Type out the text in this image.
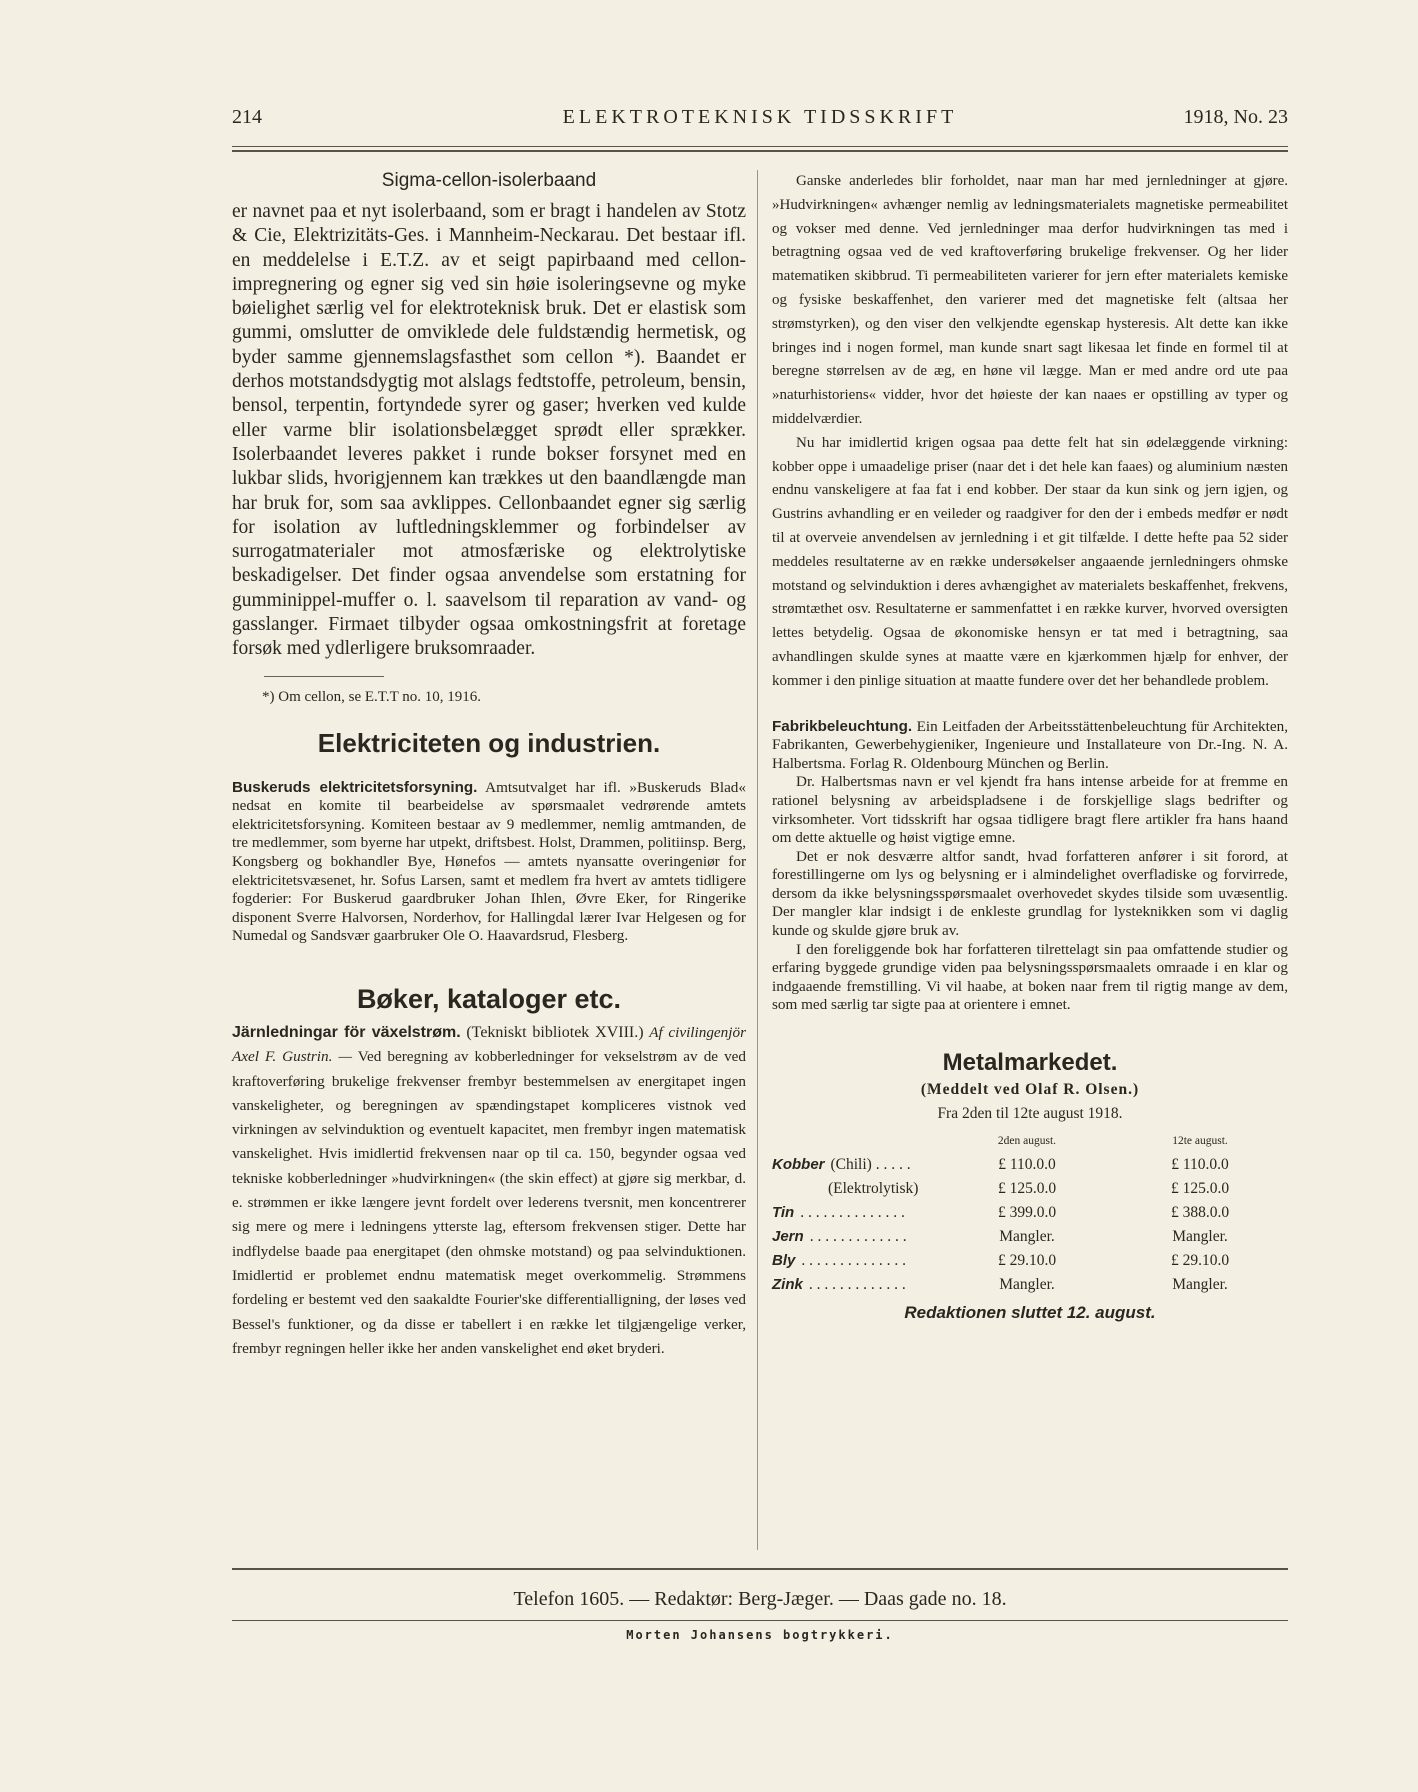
214	ELEKTROTEKNISK TIDSSKRIFT	1918, No. 23
Sigma-cellon-isolerbaand

er navnet paa et nyt isolerbaand, som er bragt i handelen av Stotz & Cie, Elektrizitäts-Ges. i Mannheim-Neckarau. Det bestaar ifl. en meddelelse i E.T.Z. av et seigt papirbaand med cellon-impregnering og egner sig ved sin høie isoleringsevne og myke bøielighet særlig vel for elektroteknisk bruk. Det er elastisk som gummi, omslutter de omviklede dele fuldstændig hermetisk, og byder samme gjennemslagsfasthet som cellon *). Baandet er derhos motstandsdygtig mot alslags fedtstoffe, petroleum, bensin, bensol, terpentin, fortyndede syrer og gaser; hverken ved kulde eller varme blir isolationsbelægget sprødt eller sprækker. Isolerbaandet leveres pakket i runde bokser forsynet med en lukbar slids, hvorigjennem kan trækkes ut den baandlængde man har bruk for, som saa avklippes. Cellonbaandet egner sig særlig for isolation av luftledningsklemmer og forbindelser av surrogatmaterialer mot atmosfæriske og elektrolytiske beskadigelser. Det finder ogsaa anvendelse som erstatning for gumminippel-muffer o. l. saavelsom til reparation av vand- og gasslanger. Firmaet tilbyder ogsaa omkostningsfrit at foretage forsøk med ydlerligere bruksomraader.

*) Om cellon, se E.T.T no. 10, 1916.

Elektriciteten og industrien.

Buskeruds elektricitetsforsyning. Amtsutvalget har ifl. »Buskeruds Blad« nedsat en komite til bearbeidelse av spørsmaalet vedrørende amtets elektricitetsforsyning. Komiteen bestaar av 9 medlemmer, nemlig amtmanden, de tre medlemmer, som byerne har utpekt, driftsbest. Holst, Drammen, politiinsp. Berg, Kongsberg og bokhandler Bye, Hønefos — amtets nyansatte overingeniør for elektricitetsvæsenet, hr. Sofus Larsen, samt et medlem fra hvert av amtets tidligere fogderier: For Buskerud gaardbruker Johan Ihlen, Øvre Eker, for Ringerike disponent Sverre Halvorsen, Norderhov, for Hallingdal lærer Ivar Helgesen og for Numedal og Sandsvær gaarbruker Ole O. Haavardsrud, Flesberg.

Bøker, kataloger etc.

Järnledningar för växelstrøm. (Tekniskt bibliotek XVIII.) Af civilingenjör Axel F. Gustrin. — Ved beregning av kobberledninger for vekselstrøm av de ved kraftoverføring brukelige frekvenser frembyr bestemmelsen av energitapet ingen vanskeligheter, og beregningen av spændingstapet kompliceres vistnok ved virkningen av selvinduktion og eventuelt kapacitet, men frembyr ingen matematisk vanskelighet. Hvis imidlertid frekvensen naar op til ca. 150, begynder ogsaa ved tekniske kobberledninger »hudvirkningen« (the skin effect) at gjøre sig merkbar, d. e. strømmen er ikke længere jevnt fordelt over lederens tversnit, men koncentrerer sig mere og mere i ledningens ytterste lag, eftersom frekvensen stiger. Dette har indflydelse baade paa energitapet (den ohmske motstand) og paa selvinduktionen. Imidlertid er problemet endnu matematisk meget overkommelig. Strømmens fordeling er bestemt ved den saakaldte Fourier'ske differentialligning, der løses ved Bessel's funktioner, og da disse er tabellert i en række let tilgjængelige verker, frembyr regningen heller ikke her anden vanskelighet end øket bryderi.

Ganske anderledes blir forholdet, naar man har med jernledninger at gjøre. »Hudvirkningen« avhænger nemlig av ledningsmaterialets magnetiske permeabilitet og vokser med denne. Ved jernledninger maa derfor hudvirkningen tas med i betragtning ogsaa ved de ved kraftoverføring brukelige frekvenser. Og her lider matematiken skibbrud. Ti permeabiliteten varierer for jern efter materialets kemiske og fysiske beskaffenhet, den varierer med det magnetiske felt (altsaa her strømstyrken), og den viser den velkjendte egenskap hysteresis. Alt dette kan ikke bringes ind i nogen formel, man kunde snart sagt likesaa let finde en formel til at beregne størrelsen av de æg, en høne vil lægge. Man er med andre ord ute paa »naturhistoriens« vidder, hvor det høieste der kan naaes er opstilling av typer og middelværdier.

Nu har imidlertid krigen ogsaa paa dette felt hat sin ødelæggende virkning: kobber oppe i umaadelige priser (naar det i det hele kan faaes) og aluminium næsten endnu vanskeligere at faa fat i end kobber. Der staar da kun sink og jern igjen, og Gustrins avhandling er en veileder og raadgiver for den der i embeds medfør er nødt til at overveie anvendelsen av jernledning i et git tilfælde. I dette hefte paa 52 sider meddeles resultaterne av en række undersøkelser angaaende jernledningers ohmske motstand og selvinduktion i deres avhængighet av materialets beskaffenhet, frekvens, strømtæthet osv. Resultaterne er sammenfattet i en række kurver, hvorved oversigten lettes betydelig. Ogsaa de økonomiske hensyn er tat med i betragtning, saa avhandlingen skulde synes at maatte være en kjærkommen hjælp for enhver, der kommer i den pinlige situation at maatte fundere over det her behandlede problem.

Fabrikbeleuchtung. Ein Leitfaden der Arbeitsstättenbeleuchtung für Architekten, Fabrikanten, Gewerbehygieniker, Ingenieure und Installateure von Dr.-Ing. N. A. Halbertsma. Forlag R. Oldenbourg München og Berlin.

Dr. Halbertsmas navn er vel kjendt fra hans intense arbeide for at fremme en rationel belysning av arbeidspladsene i de forskjellige slags bedrifter og virksomheter. Vort tidsskrift har ogsaa tidligere bragt flere artikler fra hans haand om dette aktuelle og høist vigtige emne.

Det er nok desværre altfor sandt, hvad forfatteren anfører i sit forord, at forestillingerne om lys og belysning er i almindelighet overfladiske og forvirrede, dersom da ikke belysningsspørsmaalet overhovedet skydes tilside som uvæsentlig. Der mangler klar indsigt i de enkleste grundlag for lysteknikken som vi daglig kunde og skulde gjøre bruk av.

I den foreliggende bok har forfatteren tilrettelagt sin paa omfattende studier og erfaring byggede grundige viden paa belysningsspørsmaalets omraade i en klar og indgaaende fremstilling. Vi vil haabe, at boken naar frem til rigtig mange av dem, som med særlig tar sigte paa at orientere i emnet.

Metalmarkedet.
(Meddelt ved Olaf R. Olsen.)
Fra 2den til 12te august 1918.
	2den august.	12te august.
Kobber (Chili) . . . . .	£ 110.0.0	£ 110.0.0
(Elektrolytisk)	£ 125.0.0	£ 125.0.0
Tin . . . . . . . . . . . . . .	£ 399.0.0	£ 388.0.0
Jern . . . . . . . . . . . . .	Mangler.	Mangler.
Bly . . . . . . . . . . . . . .	£ 29.10.0	£ 29.10.0
Zink . . . . . . . . . . . . .	Mangler.	Mangler.
Redaktionen sluttet 12. august.
Telefon 1605. — Redaktør: Berg-Jæger. — Daas gade no. 18.
Morten Johansens bogtrykkeri.
